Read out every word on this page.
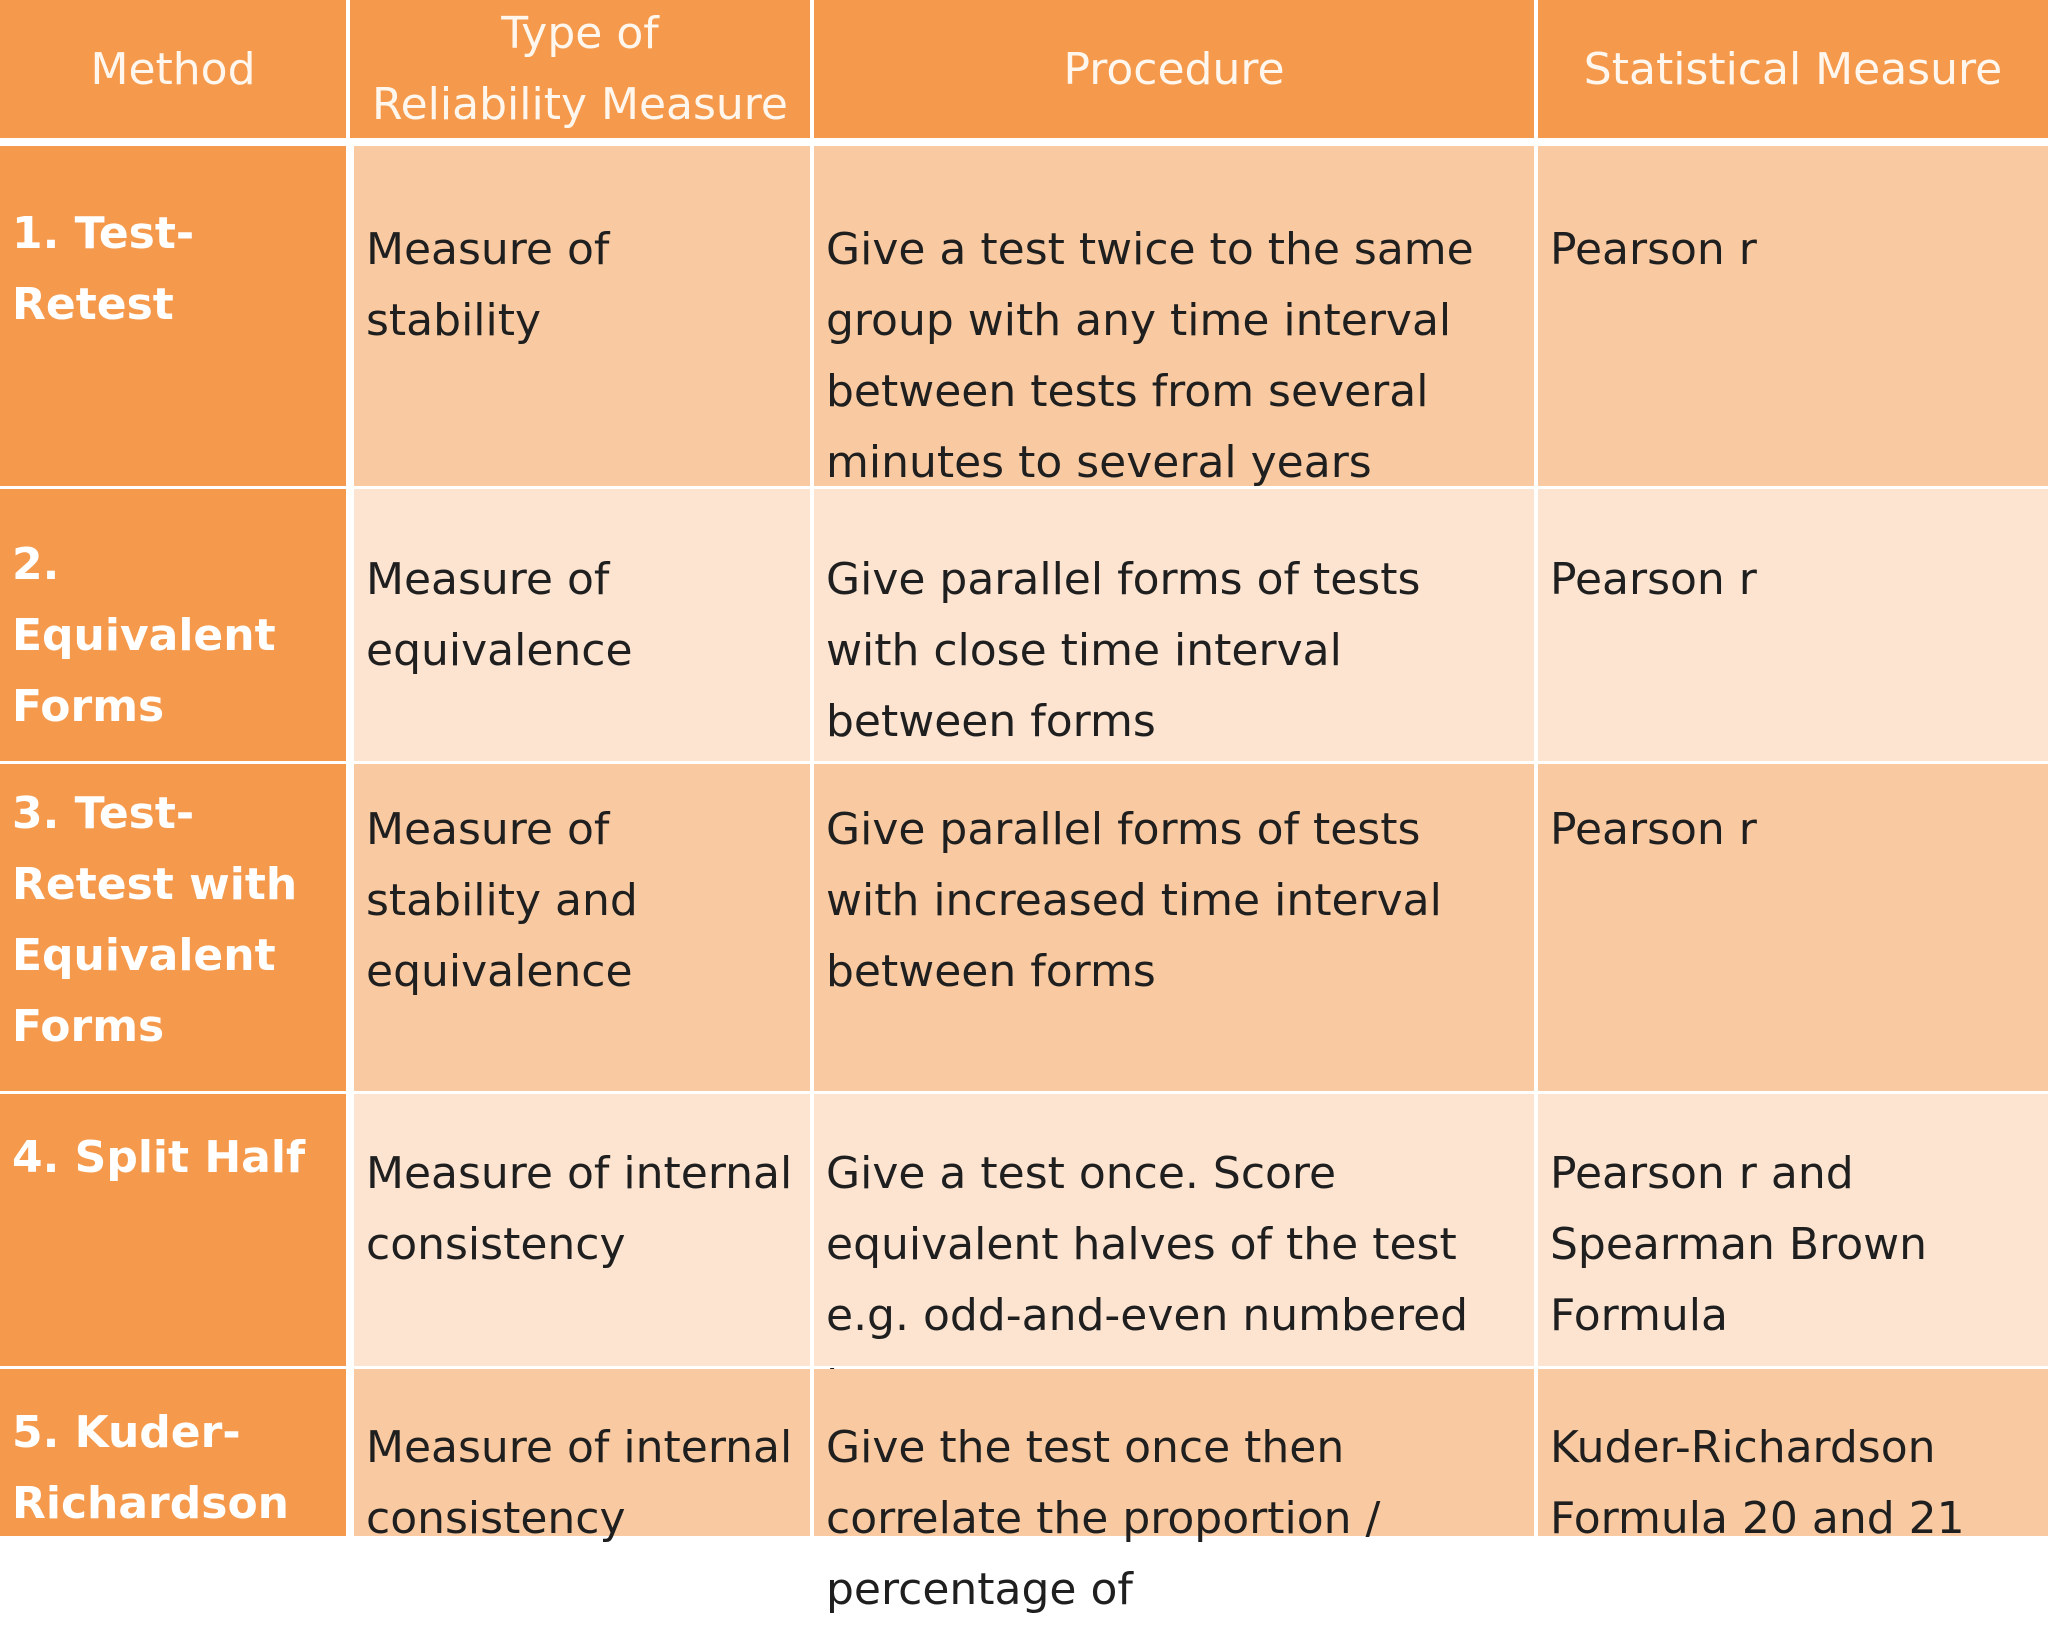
Method
Type of
Reliability Measure
Procedure	Statistical Measure
1. Test-Retest
Measure of stability
Give a test twice to the same group with any time interval between tests from several minutes to several years
Pearson r
2. Equivalent Forms
Measure of equivalence
Give parallel forms of tests with close time interval between forms
Pearson r
3. Test-Retest with Equivalent Forms
Measure of stability and equivalence
Give parallel forms of tests with increased time interval between forms
Pearson r
4. Split Half	Measure of internal consistency
Give a test once. Score equivalent halves of the test e.g. odd-and-even numbered
Pearson r and Spearman Brown Formula
5. Kuder-Richardson
Measure of internal consistency
Give the test once then correlate the proportion / percentage of
Kuder-Richardson Formula 20 and 21
